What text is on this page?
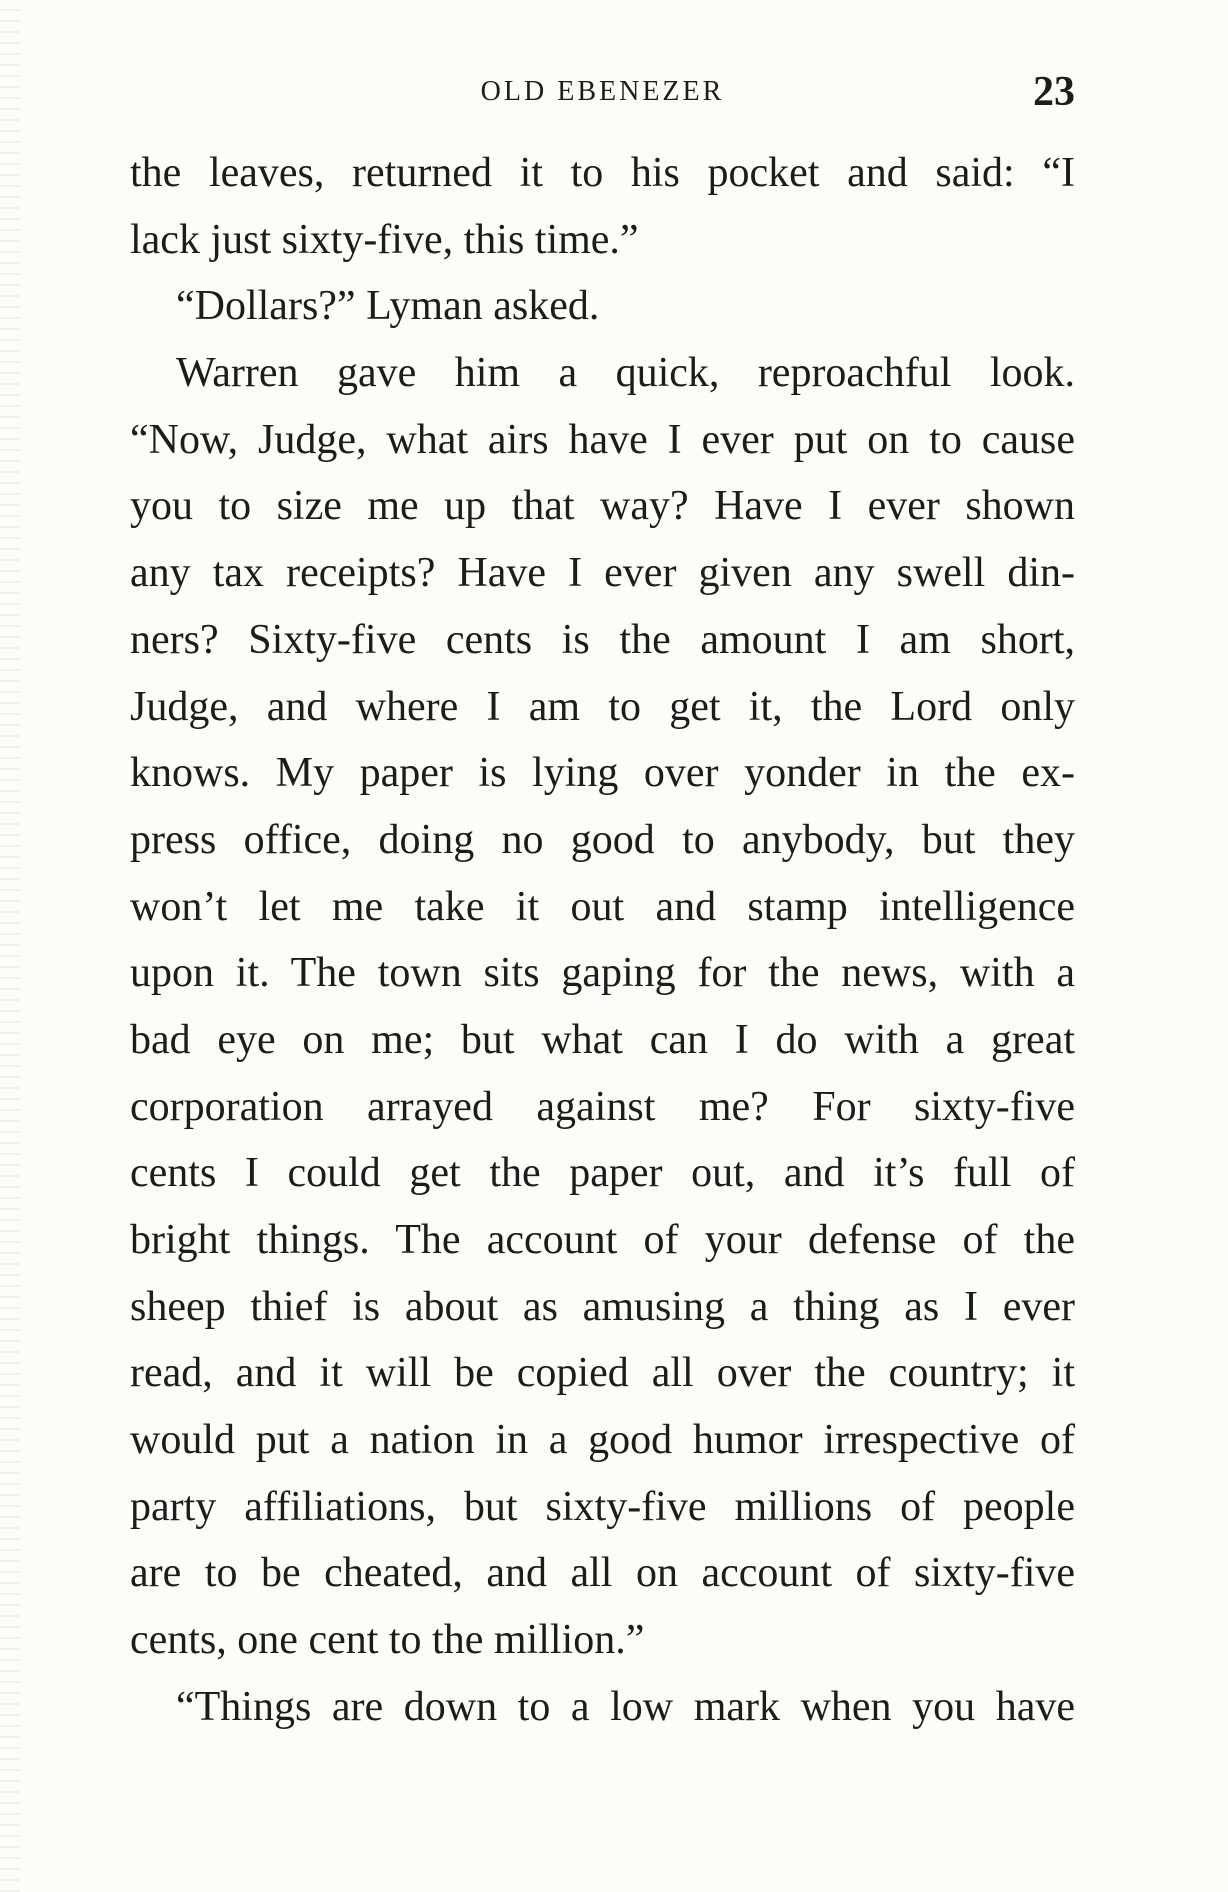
OLD EBENEZER	23
the leaves, returned it to his pocket and said: “I
lack just sixty-five, this time.”
“Dollars?” Lyman asked.
Warren gave him a quick, reproachful look.
“Now, Judge, what airs have I ever put on to cause
you to size me up that way? Have I ever shown
any tax receipts? Have I ever given any swell din-
ners? Sixty-five cents is the amount I am short,
Judge, and where I am to get it, the Lord only
knows. My paper is lying over yonder in the ex-
press office, doing no good to anybody, but they
won’t let me take it out and stamp intelligence
upon it. The town sits gaping for the news, with a
bad eye on me; but what can I do with a great
corporation arrayed against me? For sixty-five
cents I could get the paper out, and it’s full of
bright things. The account of your defense of the
sheep thief is about as amusing a thing as I ever
read, and it will be copied all over the country; it
would put a nation in a good humor irrespective of
party affiliations, but sixty-five millions of people
are to be cheated, and all on account of sixty-five
cents, one cent to the million.”
“Things are down to a low mark when you have
